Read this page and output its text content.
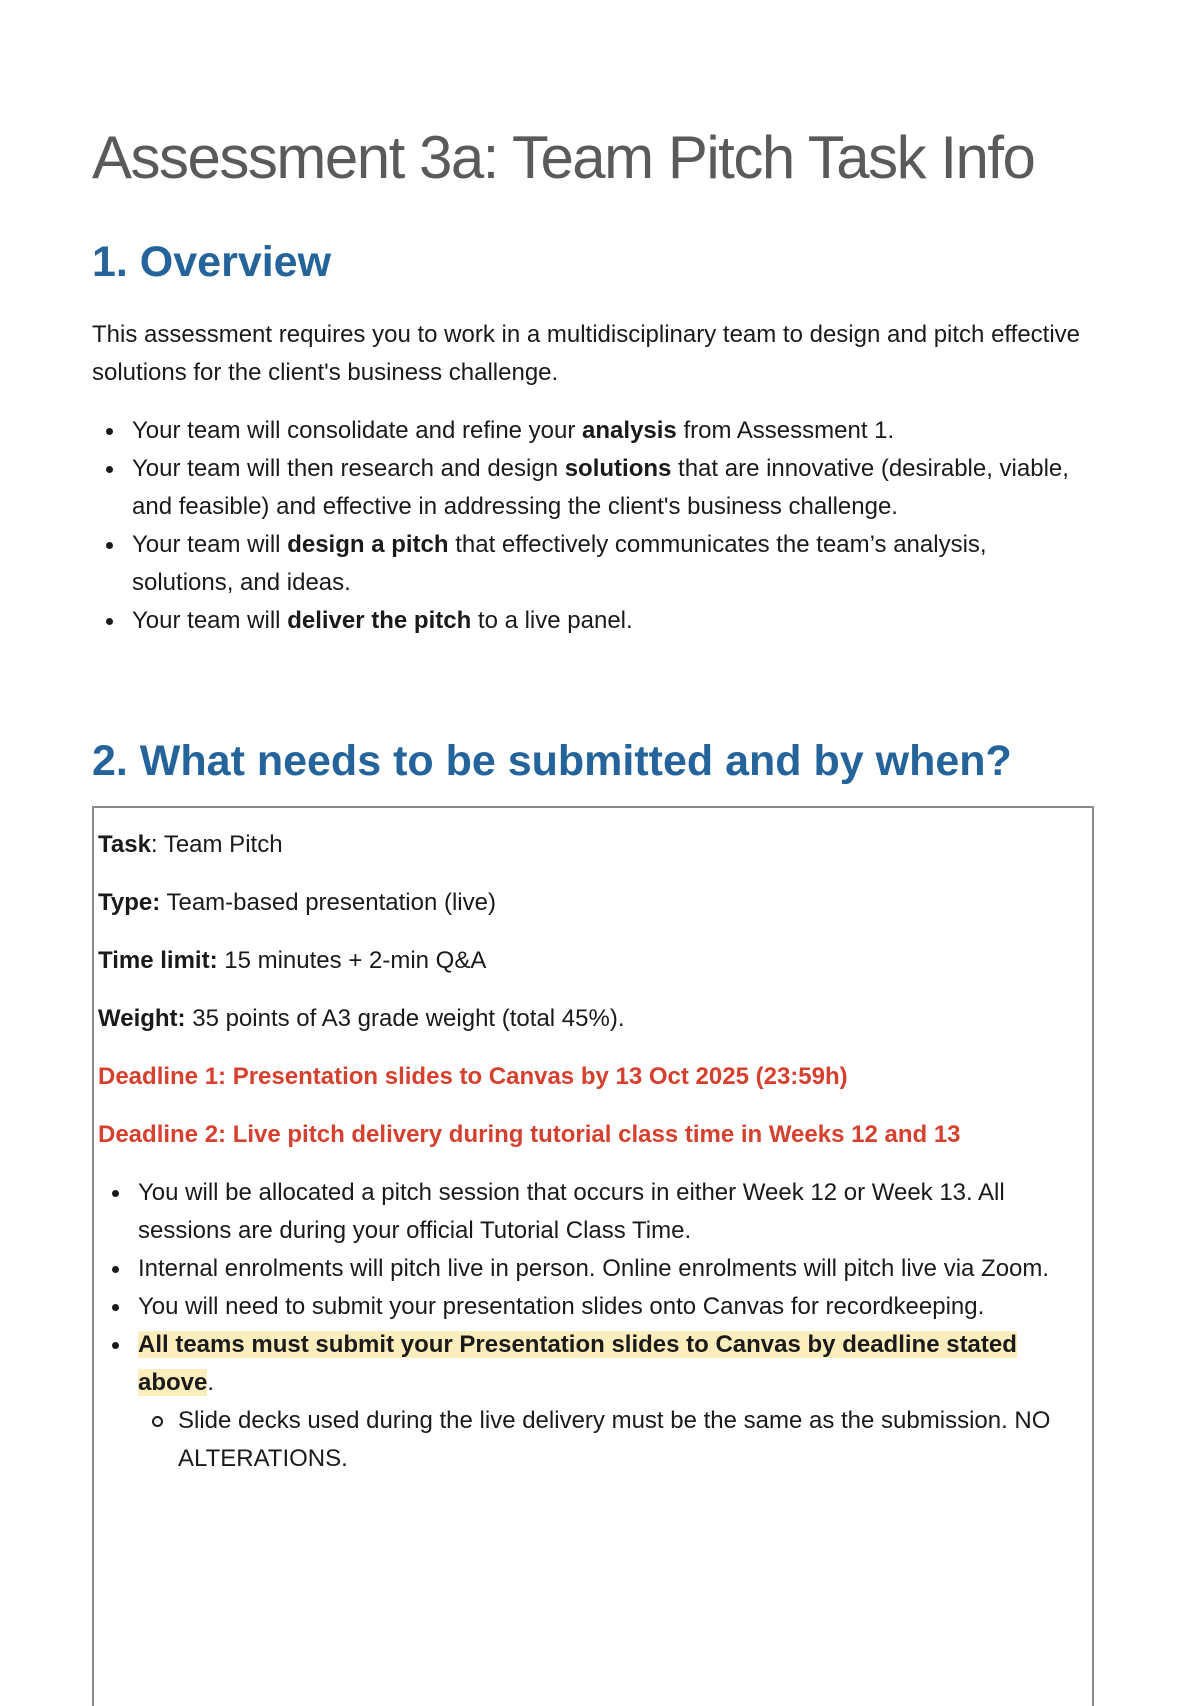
Assessment 3a: Team Pitch Task Info
1. Overview

This assessment requires you to work in a multidisciplinary team to design and pitch effective solutions for the client's business challenge.

Your team will consolidate and refine your analysis from Assessment 1.
Your team will then research and design solutions that are innovative (desirable, viable, and feasible) and effective in addressing the client's business challenge.
Your team will design a pitch that effectively communicates the team’s analysis, solutions, and ideas.
Your team will deliver the pitch to a live panel.
2. What needs to be submitted and by when?

Task: Team Pitch

Type: Team-based presentation (live)

Time limit: 15 minutes + 2-min Q&A

Weight: 35 points of A3 grade weight (total 45%).

Deadline 1: Presentation slides to Canvas by 13 Oct 2025 (23:59h)

Deadline 2: Live pitch delivery during tutorial class time in Weeks 12 and 13

You will be allocated a pitch session that occurs in either Week 12 or Week 13. All sessions are during your official Tutorial Class Time.
Internal enrolments will pitch live in person. Online enrolments will pitch live via Zoom.
You will need to submit your presentation slides onto Canvas for recordkeeping.
All teams must submit your Presentation slides to Canvas by deadline stated above.
Slide decks used during the live delivery must be the same as the submission. NO ALTERATIONS.
